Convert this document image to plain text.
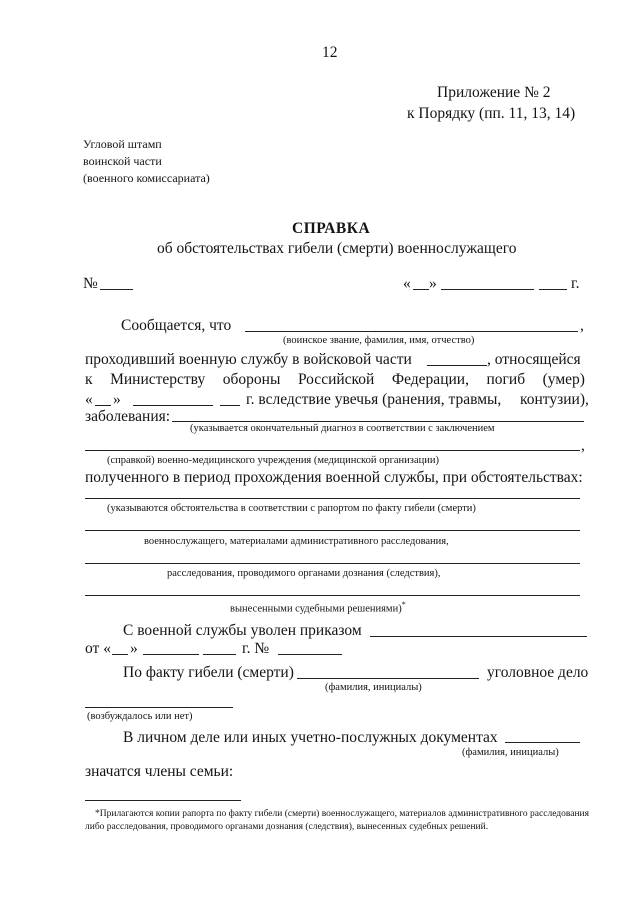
12
Приложение № 2
к Порядку (пп. 11, 13, 14)
Угловой штамп
воинской части
(военного комиссариата)
СПРАВКА
об обстоятельствах гибели (смерти) военнослужащего
№	« »	г.
Сообщается, что	,
(воинское звание, фамилия, имя, отчество)
проходивший военную службу в войсковой части	, относящейся
к Министерству обороны Российской Федерации, погиб (умер)
« »	г. вследствие увечья (ранения, травмы, контузии),
заболевания:
(указывается окончательный диагноз в соответствии с заключением
,
(справкой) военно-медицинского учреждения (медицинской организации)
полученного в период прохождения военной службы, при обстоятельствах:
(указываются обстоятельства в соответствии с рапортом по факту гибели (смерти)
военнослужащего, материалами административного расследования,
расследования, проводимого органами дознания (следствия),
вынесенными судебными решениями)*
С военной службы уволен приказом
от « »	г. №
По факту гибели (смерти)	уголовное дело
(фамилия, инициалы)
(возбуждалось или нет)
В личном деле или иных учетно-послужных документах
(фамилия, инициалы)
значатся члены семьи:
*Прилагаются копии рапорта по факту гибели (смерти) военнослужащего, материалов административного расследования либо расследования, проводимого органами дознания (следствия), вынесенных судебных решений.
